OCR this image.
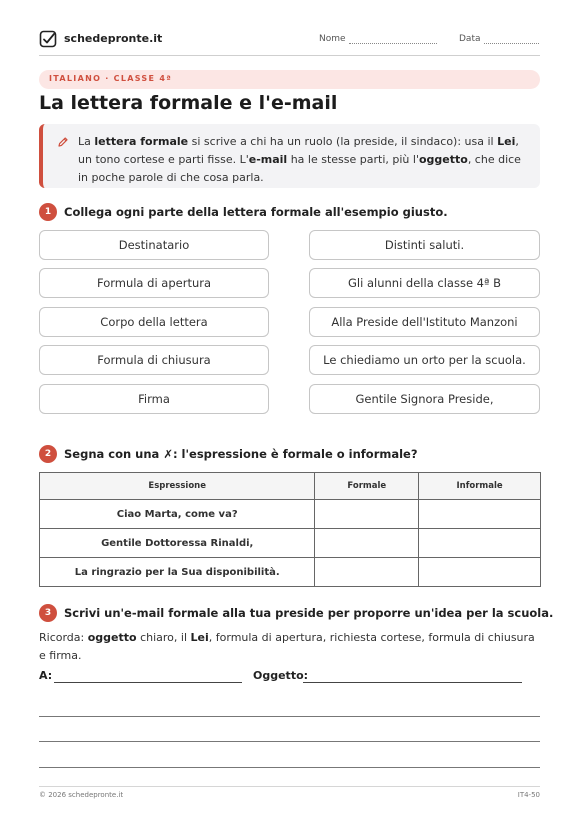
schedepronte.it	Nome	Data
ITALIANO · CLASSE 4ª
La lettera formale e l'e-mail

La lettera formale si scrive a chi ha un ruolo (la preside, il sindaco): usa il Lei, un tono cortese e parti fisse. L'e-mail ha le stesse parti, più l'oggetto, che dice in poche parole di che cosa parla.

1	Collega ogni parte della lettera formale all'esempio giusto.
Destinatario
Formula di apertura
Corpo della lettera
Formula di chiusura
Firma
Distinti saluti.
Gli alunni della classe 4ª B
Alla Preside dell'Istituto Manzoni
Le chiediamo un orto per la scuola.
Gentile Signora Preside,
2	Segna con una ✗: l'espressione è formale o informale?
Espressione	Formale	Informale
Ciao Marta, come va?		
Gentile Dottoressa Rinaldi,		
La ringrazio per la Sua disponibilità.		
3	Scrivi un'e-mail formale alla tua preside per proporre un'idea per la scuola.

Ricorda: oggetto chiaro, il Lei, formula di apertura, richiesta cortese, formula di chiusura e firma.

A:	Oggetto:
© 2026 schedepronte.it	IT4-50
